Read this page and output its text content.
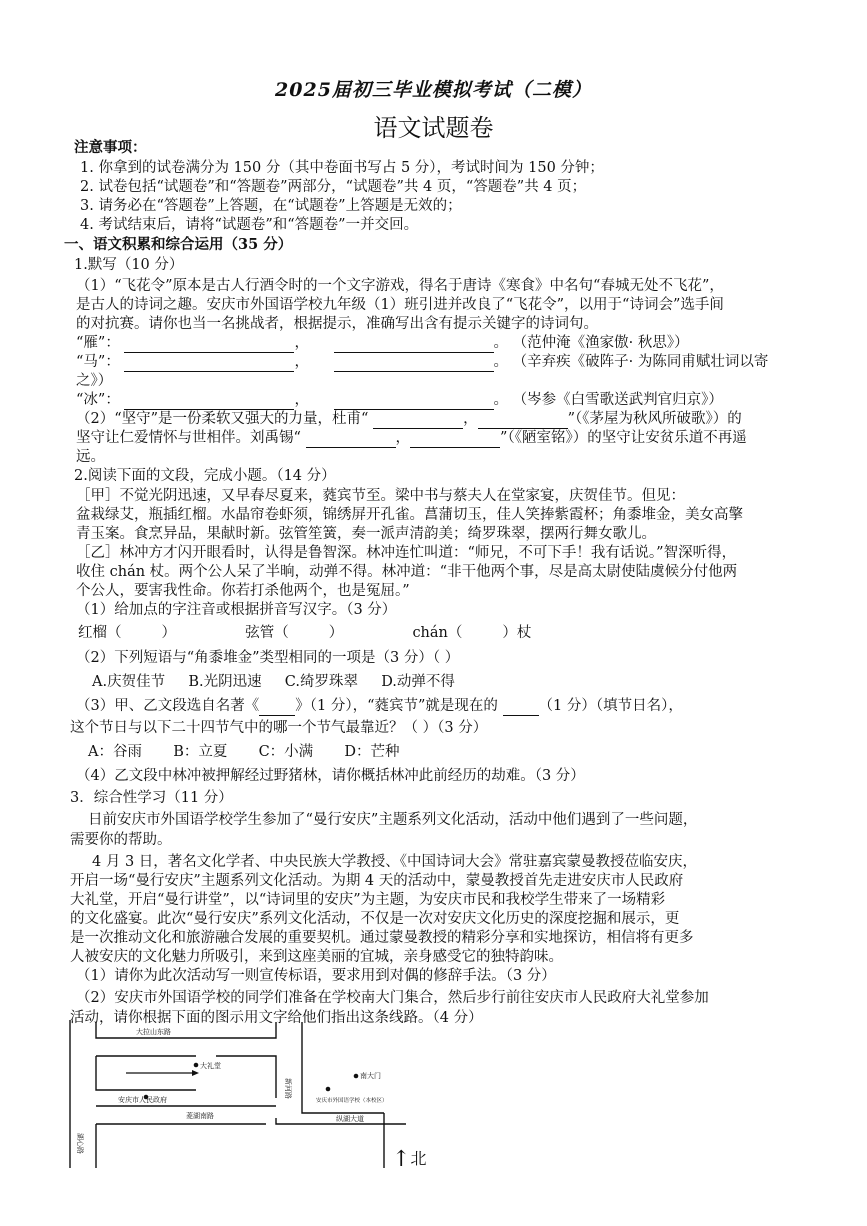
2025届初三毕业模拟考试（二模）
语文试题卷
注意事项：
1. 你拿到的试卷满分为 150 分（其中卷面书写占 5 分），考试时间为 150 分钟；
2. 试卷包括“试题卷”和“答题卷”两部分，“试题卷”共 4 页，“答题卷”共 4 页；
3. 请务必在“答题卷”上答题，在“试题卷”上答题是无效的；
4. 考试结束后，请将“试题卷”和“答题卷”一并交回。
一、语文积累和综合运用（35 分）
1.默写（10 分）
（1）“飞花令”原本是古人行酒令时的一个文字游戏，得名于唐诗《寒食》中名句“春城无处不飞花”，
是古人的诗词之趣。安庆市外国语学校九年级（1）班引进并改良了“飞花令”，以用于“诗词会”选手间
的对抗赛。请你也当一名挑战者，根据提示，准确写出含有提示关键字的诗词句。
“雁”：	，	。 （范仲淹《渔家傲· 秋思》）
“马”：	，	。 （辛弃疾《破阵子· 为陈同甫赋壮词以寄
之》）
“冰”：	，	。 （岑参《白雪歌送武判官归京》）
（2）“坚守”是一份柔软又强大的力量，杜甫“	，	”（《茅屋为秋风所破歌》）的
坚守让仁爱情怀与世相伴。刘禹锡“	，	”（《陋室铭》）的坚守让安贫乐道不再遥
远。
2.阅读下面的文段，完成小题。（14 分）
［甲］不觉光阴迅速，又早春尽夏来，蕤宾节至。梁中书与蔡夫人在堂家宴，庆贺佳节。但见：
盆栽绿艾，瓶插红榴。水晶帘卷虾须，锦绣屏开孔雀。菖蒲切玉，佳人笑捧紫霞杯；角黍堆金，美女高擎
青玉案。食烹异品，果献时新。弦管笙簧，奏一派声清韵美；绮罗珠翠，摆两行舞女歌儿。
［乙］林冲方才闪开眼看时，认得是鲁智深。林冲连忙叫道：“师兄，不可下手！我有话说。”智深听得，
收住 chán 杖。两个公人呆了半晌，动弹不得。林冲道：“非干他两个事，尽是高太尉使陆虞候分付他两
个公人，要害我性命。你若打杀他两个，也是冤屈。”
（1）给加点的字注音或根据拼音写汉字。（3 分）
红榴（	）	弦管（	）	chán（	）杖
（2）下列短语与“角黍堆金”类型相同的一项是（3 分）（ ）
A.庆贺佳节 B.光阴迅速 C.绮罗珠翠 D.动弹不得
（3）甲、乙文段选自名著《 》（1 分），“蕤宾节”就是现在的	（1 分）（填节日名），
这个节日与以下二十四节气中的哪一个节气最靠近？（ ）（3 分）
A：谷雨 B：立夏 C：小满 D：芒种
（4）乙文段中林冲被押解经过野猪林，请你概括林冲此前经历的劫难。（3 分）
3．综合性学习（11 分）
日前安庆市外国语学校学生参加了“曼行安庆”主题系列文化活动，活动中他们遇到了一些问题，
需要你的帮助。
4 月 3 日，著名文化学者、中央民族大学教授、《中国诗词大会》常驻嘉宾蒙曼教授莅临安庆，
开启一场“曼行安庆”主题系列文化活动。为期 4 天的活动中，蒙曼教授首先走进安庆市人民政府
大礼堂，开启“曼行讲堂”，以“诗词里的安庆”为主题，为安庆市民和我校学生带来了一场精彩
的文化盛宴。此次“曼行安庆”系列文化活动，不仅是一次对安庆文化历史的深度挖掘和展示，更
是一次推动文化和旅游融合发展的重要契机。通过蒙曼教授的精彩分享和实地探访，相信将有更多
人被安庆的文化魅力所吸引，来到这座美丽的宜城，亲身感受它的独特韵味。
（1）请你为此次活动写一则宣传标语，要求用到对偶的修辞手法。（3 分）
（2）安庆市外国语学校的同学们准备在学校南大门集合，然后步行前往安庆市人民政府大礼堂参加
活动，请你根据下面的图示用文字给他们指出这条线路。（4 分）
大拉山东路
大礼堂
安庆市人民政府
菱湖南路
新河路
南大门
安庆市外国语学校（本校区）
纵湖大道
湖心路
↑北
